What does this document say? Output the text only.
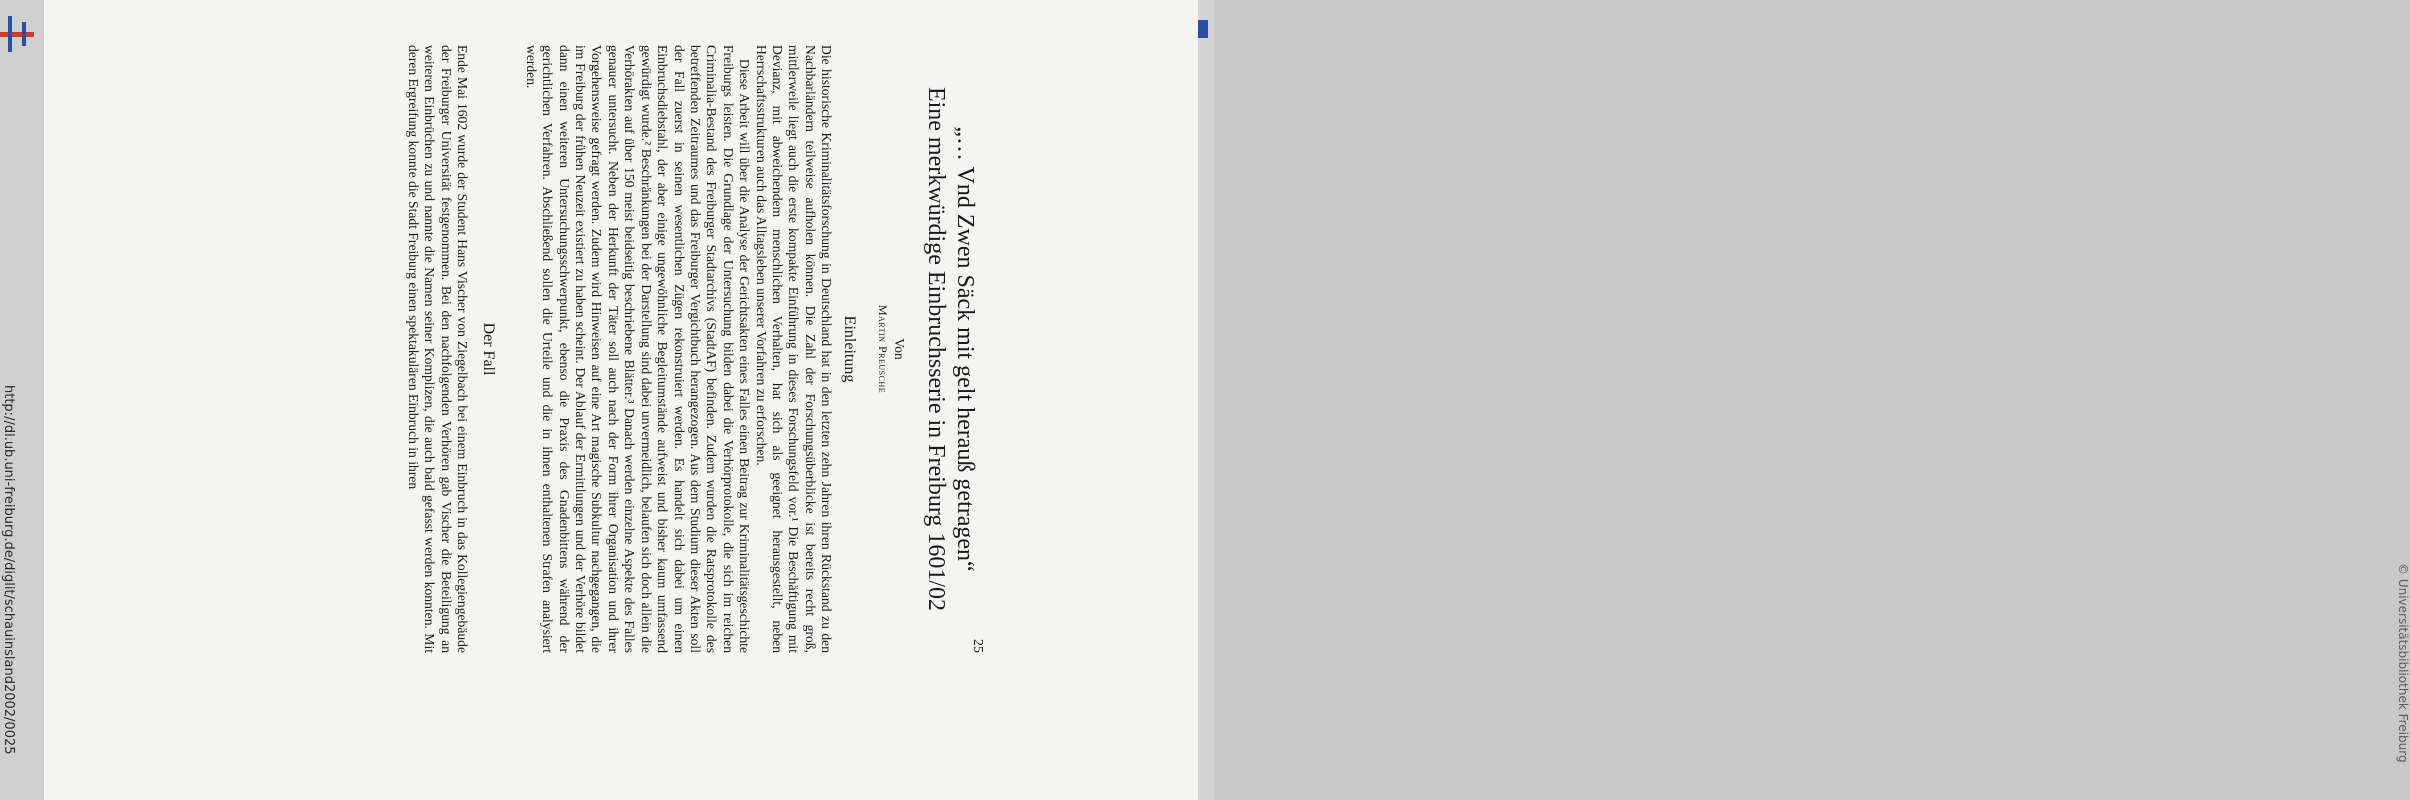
http://dl.ub.uni-freiburg.de/diglit/schauinsland2002/0025	© Universitätsbibliothek Freiburg
25
„… Vnd Zwen Säck mit gelt herauß getragen“
Eine merkwürdige Einbruchsserie in Freiburg 1601/02
Von
Martin Preusche
Einleitung

Die historische Kriminalitätsforschung in Deutschland hat in den letzten zehn Jahren ihren Rückstand zu den Nachbarländern teilweise aufholen können. Die Zahl der Forschungsüberblicke ist bereits recht groß, mittlerweile liegt auch die erste kompakte Einführung in dieses Forschungsfeld vor.¹ Die Beschäftigung mit Devianz, mit abweichendem menschlichen Verhalten, hat sich als geeignet herausgestellt, neben Herrschaftsstrukturen auch das Alltagsleben unserer Vorfahren zu erforschen.

Diese Arbeit will über die Analyse der Gerichtsakten eines Falles einen Beitrag zur Kriminalitätsgeschichte Freiburgs leisten. Die Grundlage der Untersuchung bilden dabei die Verhörprotokolle, die sich im reichen Criminalia-Bestand des Freiburger Stadtarchivs (StadtAF) befinden. Zudem wurden die Ratsprotokolle des betreffenden Zeitraumes und das Freiburger Vergichtbuch herangezogen. Aus dem Studium dieser Akten soll der Fall zuerst in seinen wesentlichen Zügen rekonstruiert werden. Es handelt sich dabei um einen Einbruchsdiebstahl, der aber einige ungewöhnliche Begleitumstände aufweist und bisher kaum umfassend gewürdigt wurde.² Beschränkungen bei der Darstellung sind dabei unvermeidlich, belaufen sich doch allein die Verhörakten auf über 150 meist beidseitig beschriebene Blätter.³ Danach werden einzelne Aspekte des Falles genauer untersucht. Neben der Herkunft der Täter soll auch nach der Form ihrer Organisation und ihrer Vorgehensweise gefragt werden. Zudem wird Hinweisen auf eine Art magische Subkultur nachgegangen, die im Freiburg der frühen Neuzeit existiert zu haben scheint. Der Ablauf der Ermittlungen und der Verhöre bildet dann einen weiteren Untersuchungsschwerpunkt, ebenso die Praxis des Gnadenbittens während der gerichtlichen Verfahren. Abschließend sollen die Urteile und die in ihnen enthaltenen Strafen analysiert werden.

Der Fall

Ende Mai 1602 wurde der Student Hans Vischer von Ziegelbach bei einem Einbruch in das Kollegiengebäude der Freiburger Universität festgenommen. Bei den nachfolgenden Verhören gab Vischer die Beteiligung an weiteren Einbrüchen zu und nannte die Namen seiner Komplizen, die auch bald gefasst werden konnten. Mit deren Ergreifung konnte die Stadt Freiburg einen spektakulären Einbruch in ihren
